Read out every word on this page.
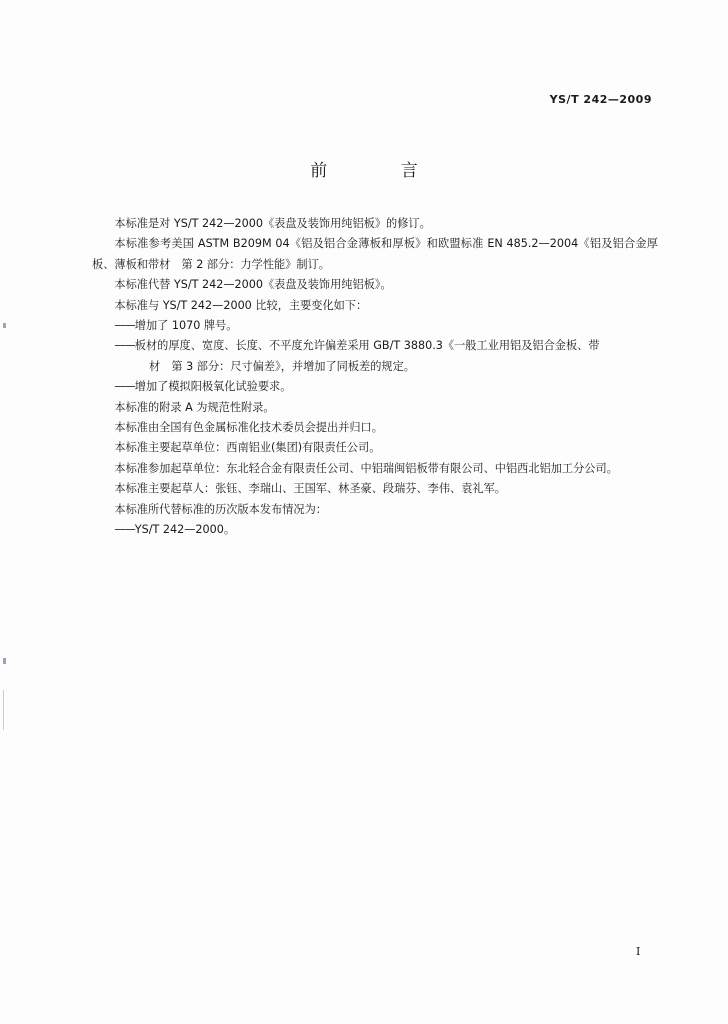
YS/T 242—2009
前 言

本标准是对 YS/T 242—2000《表盘及装饰用纯铝板》的修订。

本标准参考美国 ASTM B209M 04《铝及铝合金薄板和厚板》和欧盟标准 EN 485.2—2004《铝及铝合金厚板、薄板和带材　第 2 部分：力学性能》制订。

本标准代替 YS/T 242—2000《表盘及装饰用纯铝板》。

本标准与 YS/T 242—2000 比较，主要变化如下：

—— 增加了 1070 牌号。
—— 板材的厚度、宽度、长度、不平度允许偏差采用 GB/T 3880.3《一般工业用铝及铝合金板、带

材　第 3 部分：尺寸偏差》，并增加了同板差的规定。

—— 增加了模拟阳极氧化试验要求。

本标准的附录 A 为规范性附录。

本标准由全国有色金属标准化技术委员会提出并归口。

本标准主要起草单位：西南铝业(集团)有限责任公司。

本标准参加起草单位：东北轻合金有限责任公司、中铝瑞闽铝板带有限公司、中铝西北铝加工分公司。

本标准主要起草人：张钰、李瑞山、王国军、林圣豪、段瑞芬、李伟、袁礼军。

本标准所代替标准的历次版本发布情况为：

—— YS/T 242—2000。
Ⅰ
